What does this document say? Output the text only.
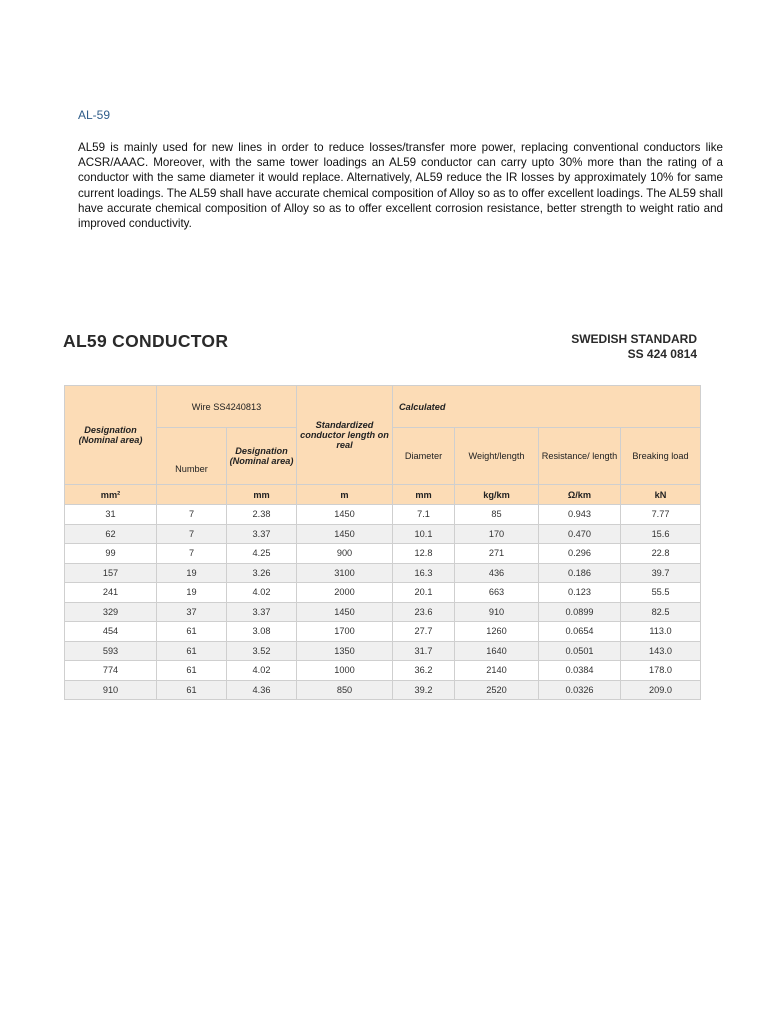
AL-59
AL59 is mainly used for new lines in order to reduce losses/transfer more power, replacing conventional conductors like ACSR/AAAC. Moreover, with the same tower loadings an AL59 conductor can carry upto 30% more than the rating of a conductor with the same diameter it would replace. Alternatively, AL59 reduce the IR losses by approximately 10% for same current loadings. The AL59 shall have accurate chemical composition of Alloy so as to offer excellent loadings. The AL59 shall have accurate chemical composition of Alloy so as to offer excellent corrosion resistance, better strength to weight ratio and improved conductivity.
AL59 CONDUCTOR	SWEDISH STANDARD
SS 424 0814
Designation (Nominal area)	Wire SS4240813		Standardized conductor length on real	Calculated			
	Number	Designation (Nominal area)		Diameter	Weight/length	Resistance/ length	Breaking load
mm²		mm	m	mm	kg/km	Ω/km	kN
31	7	2.38	1450	7.1	85	0.943	7.77
62	7	3.37	1450	10.1	170	0.470	15.6
99	7	4.25	900	12.8	271	0.296	22.8
157	19	3.26	3100	16.3	436	0.186	39.7
241	19	4.02	2000	20.1	663	0.123	55.5
329	37	3.37	1450	23.6	910	0.0899	82.5
454	61	3.08	1700	27.7	1260	0.0654	113.0
593	61	3.52	1350	31.7	1640	0.0501	143.0
774	61	4.02	1000	36.2	2140	0.0384	178.0
910	61	4.36	850	39.2	2520	0.0326	209.0
